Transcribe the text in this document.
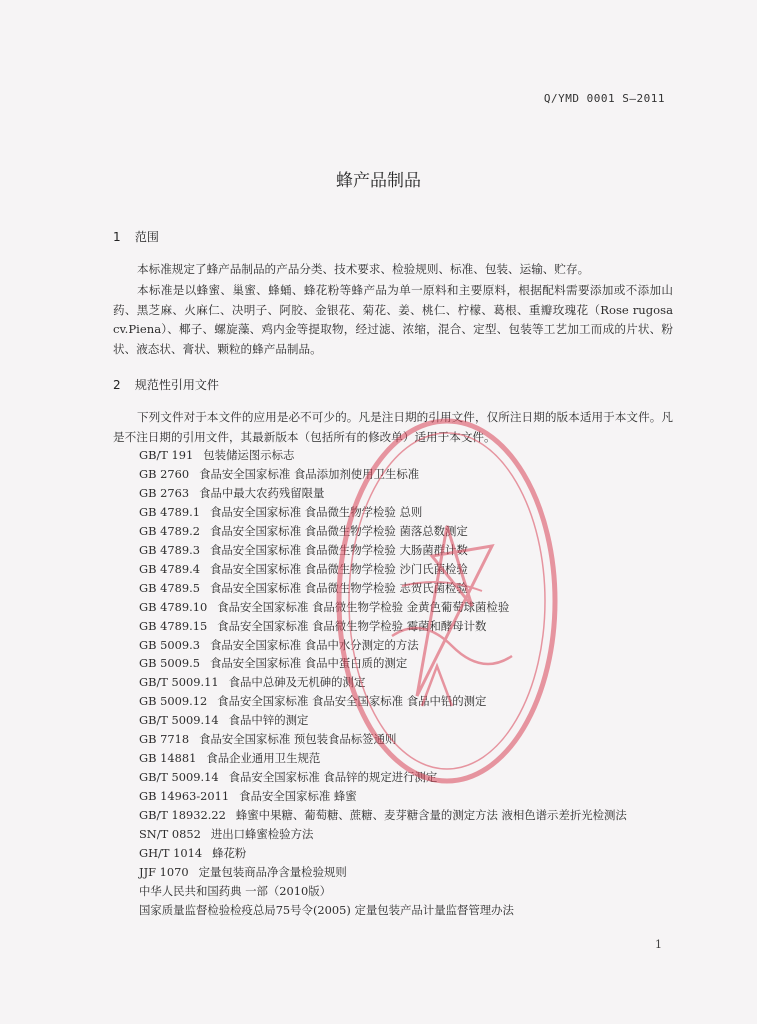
Q/YMD 0001 S—2011
蜂产品制品
1 范围
本标准规定了蜂产品制品的产品分类、技术要求、检验规则、标准、包装、运输、贮存。
本标准是以蜂蜜、巢蜜、蜂蛹、蜂花粉等蜂产品为单一原料和主要原料，根据配料需要添加或不添加山药、黑芝麻、火麻仁、决明子、阿胶、金银花、菊花、姜、桃仁、柠檬、葛根、重瓣玫瑰花（Rose rugosa cv.Piena）、椰子、螺旋藻、鸡内金等提取物，经过滤、浓缩，混合、定型、包装等工艺加工而成的片状、粉状、液态状、膏状、颗粒的蜂产品制品。
2 规范性引用文件
下列文件对于本文件的应用是必不可少的。凡是注日期的引用文件，仅所注日期的版本适用于本文件。凡是不注日期的引用文件，其最新版本（包括所有的修改单）适用于本文件。
GB/T 191 包装储运图示标志
GB 2760 食品安全国家标准 食品添加剂使用卫生标准
GB 2763 食品中最大农药残留限量
GB 4789.1 食品安全国家标准 食品微生物学检验 总则
GB 4789.2 食品安全国家标准 食品微生物学检验 菌落总数测定
GB 4789.3 食品安全国家标准 食品微生物学检验 大肠菌群计数
GB 4789.4 食品安全国家标准 食品微生物学检验 沙门氏菌检验
GB 4789.5 食品安全国家标准 食品微生物学检验 志贺氏菌检验
GB 4789.10 食品安全国家标准 食品微生物学检验 金黄色葡萄球菌检验
GB 4789.15 食品安全国家标准 食品微生物学检验 霉菌和酵母计数
GB 5009.3 食品安全国家标准 食品中水分测定的方法
GB 5009.5 食品安全国家标准 食品中蛋白质的测定
GB/T 5009.11 食品中总砷及无机砷的测定
GB 5009.12 食品安全国家标准 食品安全国家标准 食品中铅的测定
GB/T 5009.14 食品中锌的测定
GB 7718 食品安全国家标准 预包装食品标签通则
GB 14881 食品企业通用卫生规范
GB/T 5009.14 食品安全国家标准 食品锌的规定进行测定
GB 14963-2011 食品安全国家标准 蜂蜜
GB/T 18932.22 蜂蜜中果糖、葡萄糖、蔗糖、麦芽糖含量的测定方法 液相色谱示差折光检测法
SN/T 0852 进出口蜂蜜检验方法
GH/T 1014 蜂花粉
JJF 1070 定量包装商品净含量检验规则
中华人民共和国药典 一部（2010版）
国家质量监督检验检疫总局75号令(2005) 定量包装产品计量监督管理办法
1
